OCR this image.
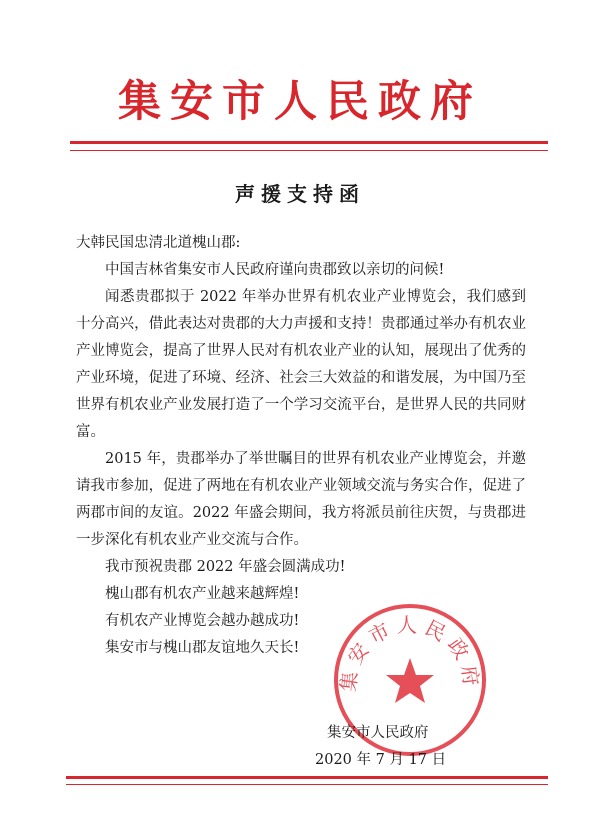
集安市人民政府
声援支持函

大韩民国忠清北道槐山郡:

中国吉林省集安市人民政府谨向贵郡致以亲切的问候!

闻悉贵郡拟于 2022 年举办世界有机农业产业博览会，我们感到十分高兴，借此表达对贵郡的大力声援和支持！贵郡通过举办有机农业产业博览会，提高了世界人民对有机农业产业的认知，展现出了优秀的产业环境，促进了环境、经济、社会三大效益的和谐发展，为中国乃至世界有机农业产业发展打造了一个学习交流平台，是世界人民的共同财富。

2015 年，贵郡举办了举世瞩目的世界有机农业产业博览会，并邀请我市参加，促进了两地在有机农业产业领域交流与务实合作，促进了两郡市间的友谊。2022 年盛会期间，我方将派员前往庆贺，与贵郡进一步深化有机农业产业交流与合作。

我市预祝贵郡 2022 年盛会圆满成功!

槐山郡有机农产业越来越辉煌!

有机农产业博览会越办越成功!

集安市与槐山郡友谊地久天长!

集安市人民政府
集安市人民政府
2020 年 7 月 17 日
